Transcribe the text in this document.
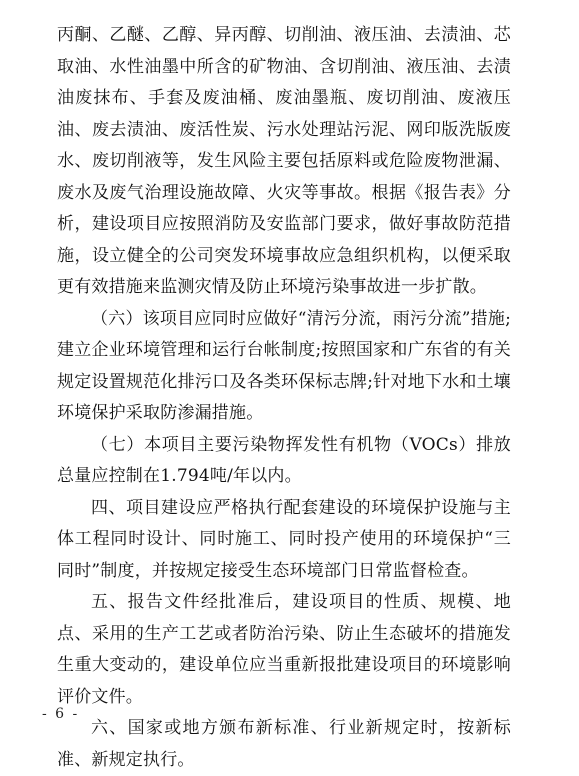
丙酮、乙醚、乙醇、异丙醇、切削油、液压油、去渍油、芯取油、水性油墨中所含的矿物油、含切削油、液压油、去渍油废抹布、手套及废油桶、废油墨瓶、废切削油、废液压油、废去渍油、废活性炭、污水处理站污泥、网印版洗版废水、废切削液等，发生风险主要包括原料或危险废物泄漏、废水及废气治理设施故障、火灾等事故。根据《报告表》分析，建设项目应按照消防及安监部门要求，做好事故防范措施，设立健全的公司突发环境事故应急组织机构，以便采取更有效措施来监测灾情及防止环境污染事故进一步扩散。

（六）该项目应同时应做好“清污分流，雨污分流”措施;建立企业环境管理和运行台帐制度;按照国家和广东省的有关规定设置规范化排污口及各类环保标志牌;针对地下水和土壤环境保护采取防渗漏措施。

（七）本项目主要污染物挥发性有机物（VOCs）排放总量应控制在1.794吨/年以内。

四、项目建设应严格执行配套建设的环境保护设施与主体工程同时设计、同时施工、同时投产使用的环境保护“三同时”制度，并按规定接受生态环境部门日常监督检查。

五、报告文件经批准后，建设项目的性质、规模、地点、采用的生产工艺或者防治污染、防止生态破坏的措施发生重大变动的，建设单位应当重新报批建设项目的环境影响评价文件。

六、国家或地方颁布新标准、行业新规定时，按新标准、新规定执行。

- 6 -
